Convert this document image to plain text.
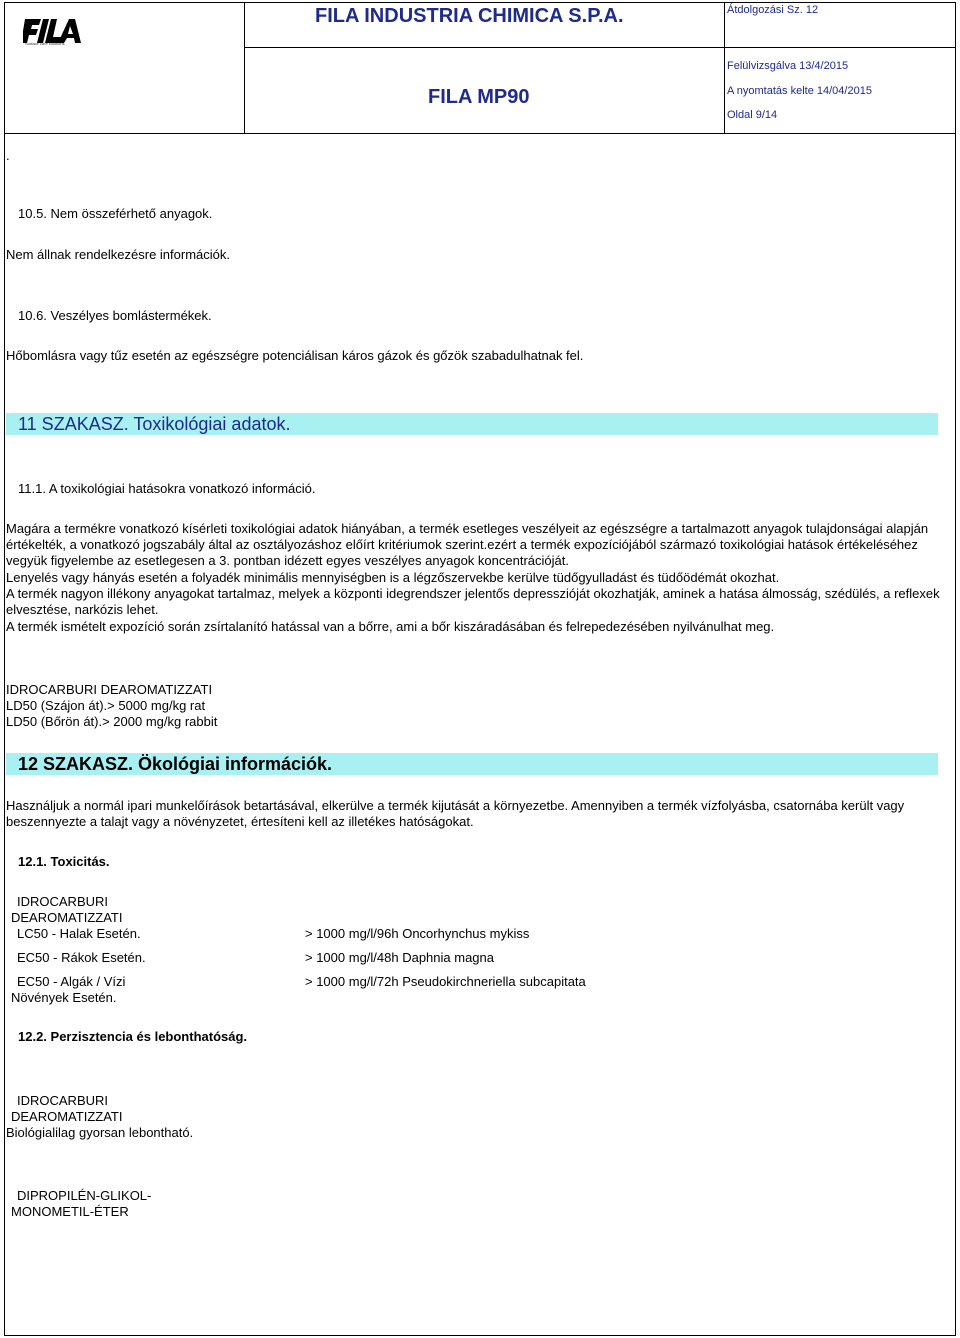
Surface care solutions
FILA INDUSTRIA CHIMICA S.P.A.
FILA MP90
Átdolgozási Sz. 12
Felülvizsgálva 13/4/2015
A nyomtatás kelte 14/04/2015
Oldal 9/14
.
10.5. Nem összeférhető anyagok.
Nem állnak rendelkezésre információk.
10.6. Veszélyes bomlástermékek.
Hőbomlásra vagy tűz esetén az egészségre potenciálisan káros gázok és gőzök szabadulhatnak fel.
11 SZAKASZ. Toxikológiai adatok.
11.1. A toxikológiai hatásokra vonatkozó információ.
Magára a termékre vonatkozó kísérleti toxikológiai adatok hiányában, a termék esetleges veszélyeit az egészségre a tartalmazott anyagok tulajdonságai alapján értékelték, a vonatkozó jogszabály által az osztályozáshoz előírt kritériumok szerint.ezért a termék expozíciójából származó toxikológiai hatások értékeléséhez vegyük figyelembe az esetlegesen a 3. pontban idézett egyes veszélyes anyagok koncentrációját.
Lenyelés vagy hányás esetén a folyadék minimális mennyiségben is a légzőszervekbe kerülve tüdőgyulladást és tüdőödémát okozhat.
A termék nagyon illékony anyagokat tartalmaz, melyek a központi idegrendszer jelentős depresszióját okozhatják, aminek a hatása álmosság, szédülés, a reflexek elvesztése, narkózis lehet.
A termék ismételt expozíció során zsírtalanító hatással van a bőrre, ami a bőr kiszáradásában és felrepedezésében nyilvánulhat meg.
IDROCARBURI DEAROMATIZZATI
LD50 (Szájon át).> 5000 mg/kg rat
LD50 (Bőrön át).> 2000 mg/kg rabbit
12 SZAKASZ. Ökológiai információk.
Használjuk a normál ipari munkelőírások betartásával, elkerülve a termék kijutását a környezetbe. Amennyiben a termék vízfolyásba, csatornába került vagy beszennyezte a talajt vagy a növényzetet, értesíteni kell az illetékes hatóságokat.
12.1. Toxicitás.
IDROCARBURI
DEAROMATIZZATI
LC50 - Halak Esetén.	> 1000 mg/l/96h Oncorhynchus mykiss
EC50 - Rákok Esetén.	> 1000 mg/l/48h Daphnia magna
EC50 - Algák / Vízi
Növények Esetén.
> 1000 mg/l/72h Pseudokirchneriella subcapitata
12.2. Perzisztencia és lebonthatóság.
IDROCARBURI
DEAROMATIZZATI
Biológialilag gyorsan lebontható.
DIPROPILÉN-GLIKOL-
MONOMETIL-ÉTER
